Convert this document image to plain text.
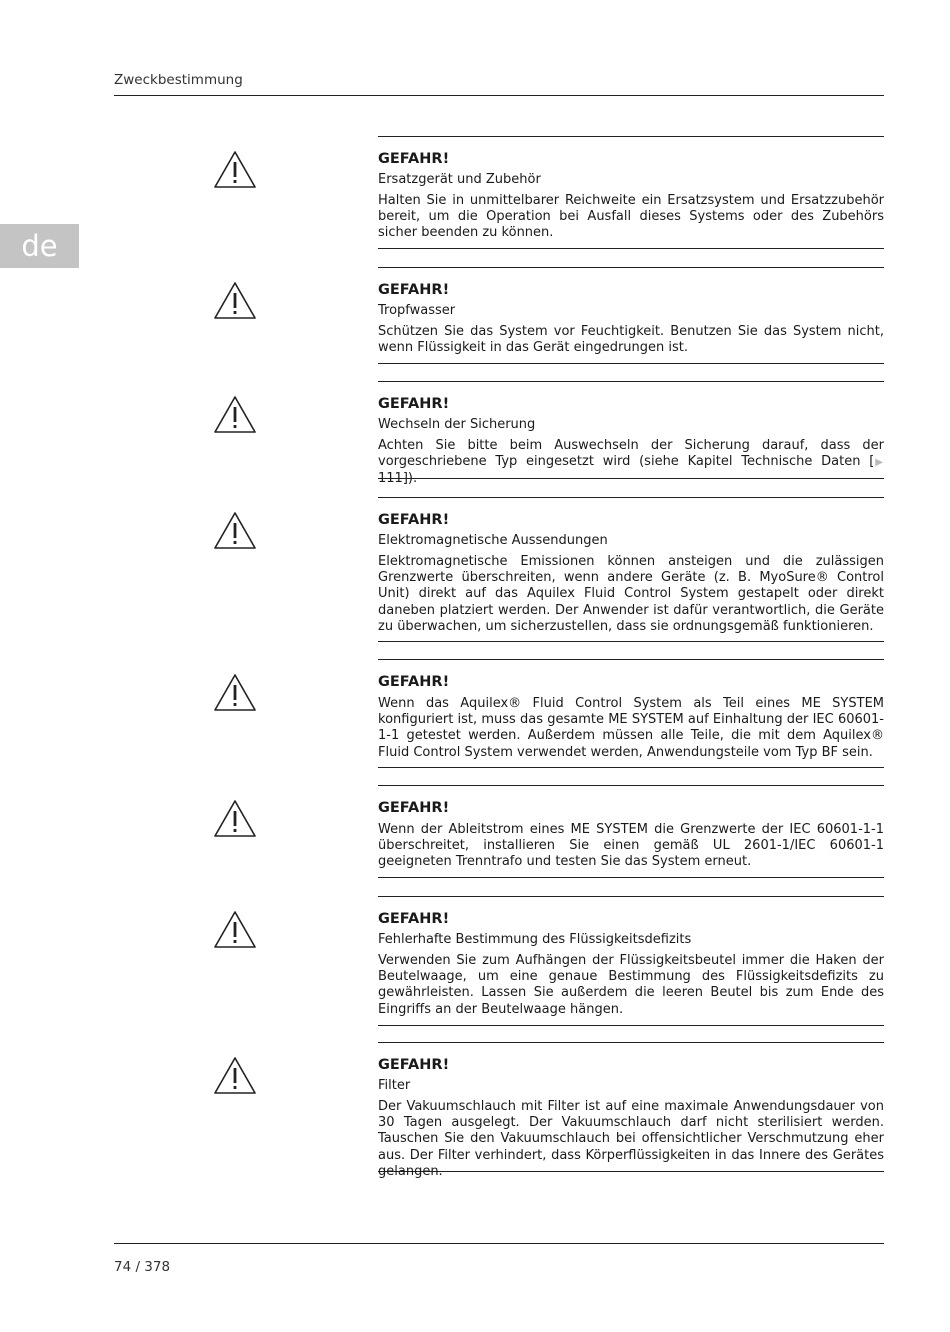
Zweckbestimmung
de
GEFAHR!
Ersatzgerät und Zubehör
Halten Sie in unmittelbarer Reichweite ein Ersatzsystem und Ersatzzubehör bereit, um die Operation bei Ausfall dieses Systems oder des Zubehörs sicher beenden zu können.
GEFAHR!
Tropfwasser
Schützen Sie das System vor Feuchtigkeit. Benutzen Sie das System nicht, wenn Flüssigkeit in das Gerät eingedrungen ist.
GEFAHR!
Wechseln der Sicherung
Achten Sie bitte beim Auswechseln der Sicherung darauf, dass der vorgeschriebene Typ eingesetzt wird (siehe Kapitel Technische Daten [▶111]).
GEFAHR!
Elektromagnetische Aussendungen
Elektromagnetische Emissionen können ansteigen und die zulässigen Grenzwerte überschreiten, wenn andere Geräte (z. B. MyoSure® Control Unit) direkt auf das Aquilex Fluid Control System gestapelt oder direkt daneben platziert werden. Der Anwender ist dafür verantwortlich, die Geräte zu überwachen, um sicherzustellen, dass sie ordnungsgemäß funktionieren.
GEFAHR!
Wenn das Aquilex® Fluid Control System als Teil eines ME SYSTEM konfiguriert ist, muss das gesamte ME SYSTEM auf Einhaltung der IEC 60601-1-1 getestet werden. Außerdem müssen alle Teile, die mit dem Aquilex® Fluid Control System verwendet werden, Anwendungsteile vom Typ BF sein.
GEFAHR!
Wenn der Ableitstrom eines ME SYSTEM die Grenzwerte der IEC 60601-1-1 überschreitet, installieren Sie einen gemäß UL 2601-1/IEC 60601-1 geeigneten Trenntrafo und testen Sie das System erneut.
GEFAHR!
Fehlerhafte Bestimmung des Flüssigkeitsdefizits
Verwenden Sie zum Aufhängen der Flüssigkeitsbeutel immer die Haken der Beutelwaage, um eine genaue Bestimmung des Flüssigkeitsdefizits zu gewährleisten. Lassen Sie außerdem die leeren Beutel bis zum Ende des Eingriffs an der Beutelwaage hängen.
GEFAHR!
Filter
Der Vakuumschlauch mit Filter ist auf eine maximale Anwendungsdauer von 30 Tagen ausgelegt. Der Vakuumschlauch darf nicht sterilisiert werden. Tauschen Sie den Vakuumschlauch bei offensichtlicher Verschmutzung eher aus. Der Filter verhindert, dass Körperflüssigkeiten in das Innere des Gerätes gelangen.
74 / 378
